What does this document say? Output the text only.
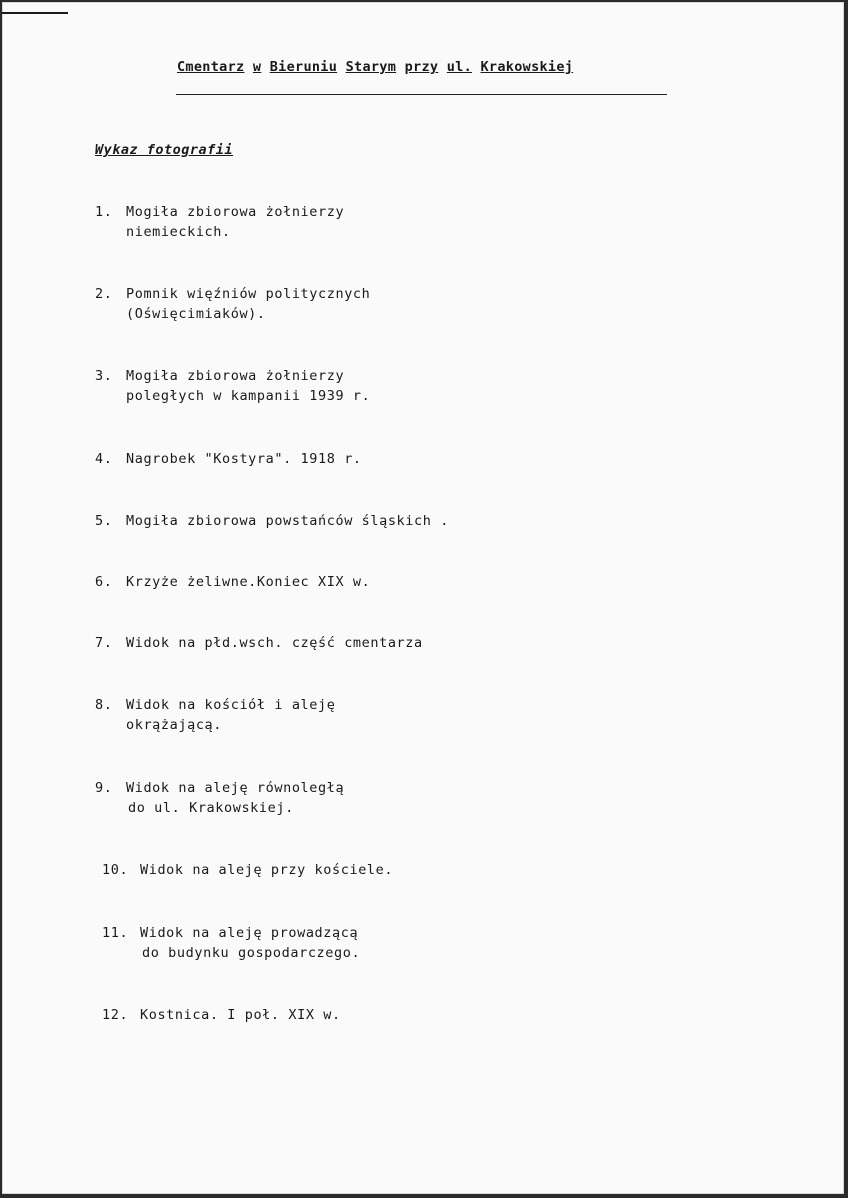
Cmentarz w Bieruniu Starym przy ul. Krakowskiej
Wykaz fotografii
1. Mogiła zbiorowa żołnierzy
niemieckich.
2. Pomnik więźniów politycznych
(Oświęcimiaków).
3. Mogiła zbiorowa żołnierzy
poległych w kampanii 1939 r.
4. Nagrobek "Kostyra". 1918 r.
5. Mogiła zbiorowa powstańców śląskich .
6. Krzyże żeliwne.Koniec XIX w.
7. Widok na płd.wsch. część cmentarza
8. Widok na kościół i aleję
okrążającą.
9. Widok na aleję równoległą
do ul. Krakowskiej.
10. Widok na aleję przy kościele.
11. Widok na aleję prowadzącą
do budynku gospodarczego.
12. Kostnica. I poł. XIX w.
